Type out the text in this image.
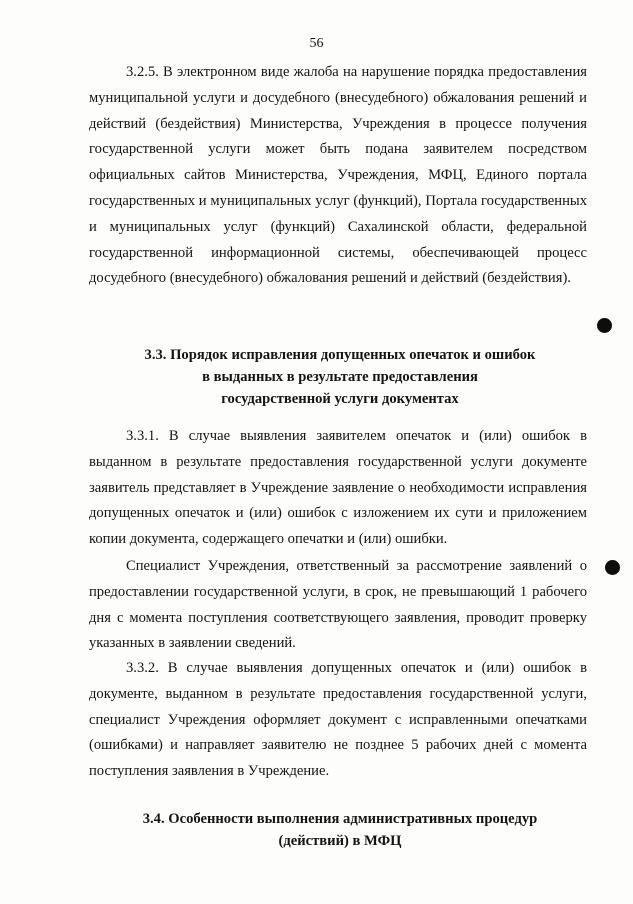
56

3.2.5. В электронном виде жалоба на нарушение порядка предоставления муниципальной услуги и досудебного (внесудебного) обжалования решений и действий (бездействия) Министерства, Учреждения в процессе получения государственной услуги может быть подана заявителем посредством официальных сайтов Министерства, Учреждения, МФЦ, Единого портала государственных и муниципальных услуг (функций), Портала государственных и муниципальных услуг (функций) Сахалинской области, федеральной государственной информационной системы, обеспечивающей процесс досудебного (внесудебного) обжалования решений и действий (бездействия).

3.3. Порядок исправления допущенных опечаток и ошибок
в выданных в результате предоставления
государственной услуги документах

3.3.1. В случае выявления заявителем опечаток и (или) ошибок в выданном в результате предоставления государственной услуги документе заявитель представляет в Учреждение заявление о необходимости исправления допущенных опечаток и (или) ошибок с изложением их сути и приложением копии документа, содержащего опечатки и (или) ошибки.

Специалист Учреждения, ответственный за рассмотрение заявлений о предоставлении государственной услуги, в срок, не превышающий 1 рабочего дня с момента поступления соответствующего заявления, проводит проверку указанных в заявлении сведений.

3.3.2. В случае выявления допущенных опечаток и (или) ошибок в документе, выданном в результате предоставления государственной услуги, специалист Учреждения оформляет документ с исправленными опечатками (ошибками) и направляет заявителю не позднее 5 рабочих дней с момента поступления заявления в Учреждение.

3.4. Особенности выполнения административных процедур
(действий) в МФЦ
